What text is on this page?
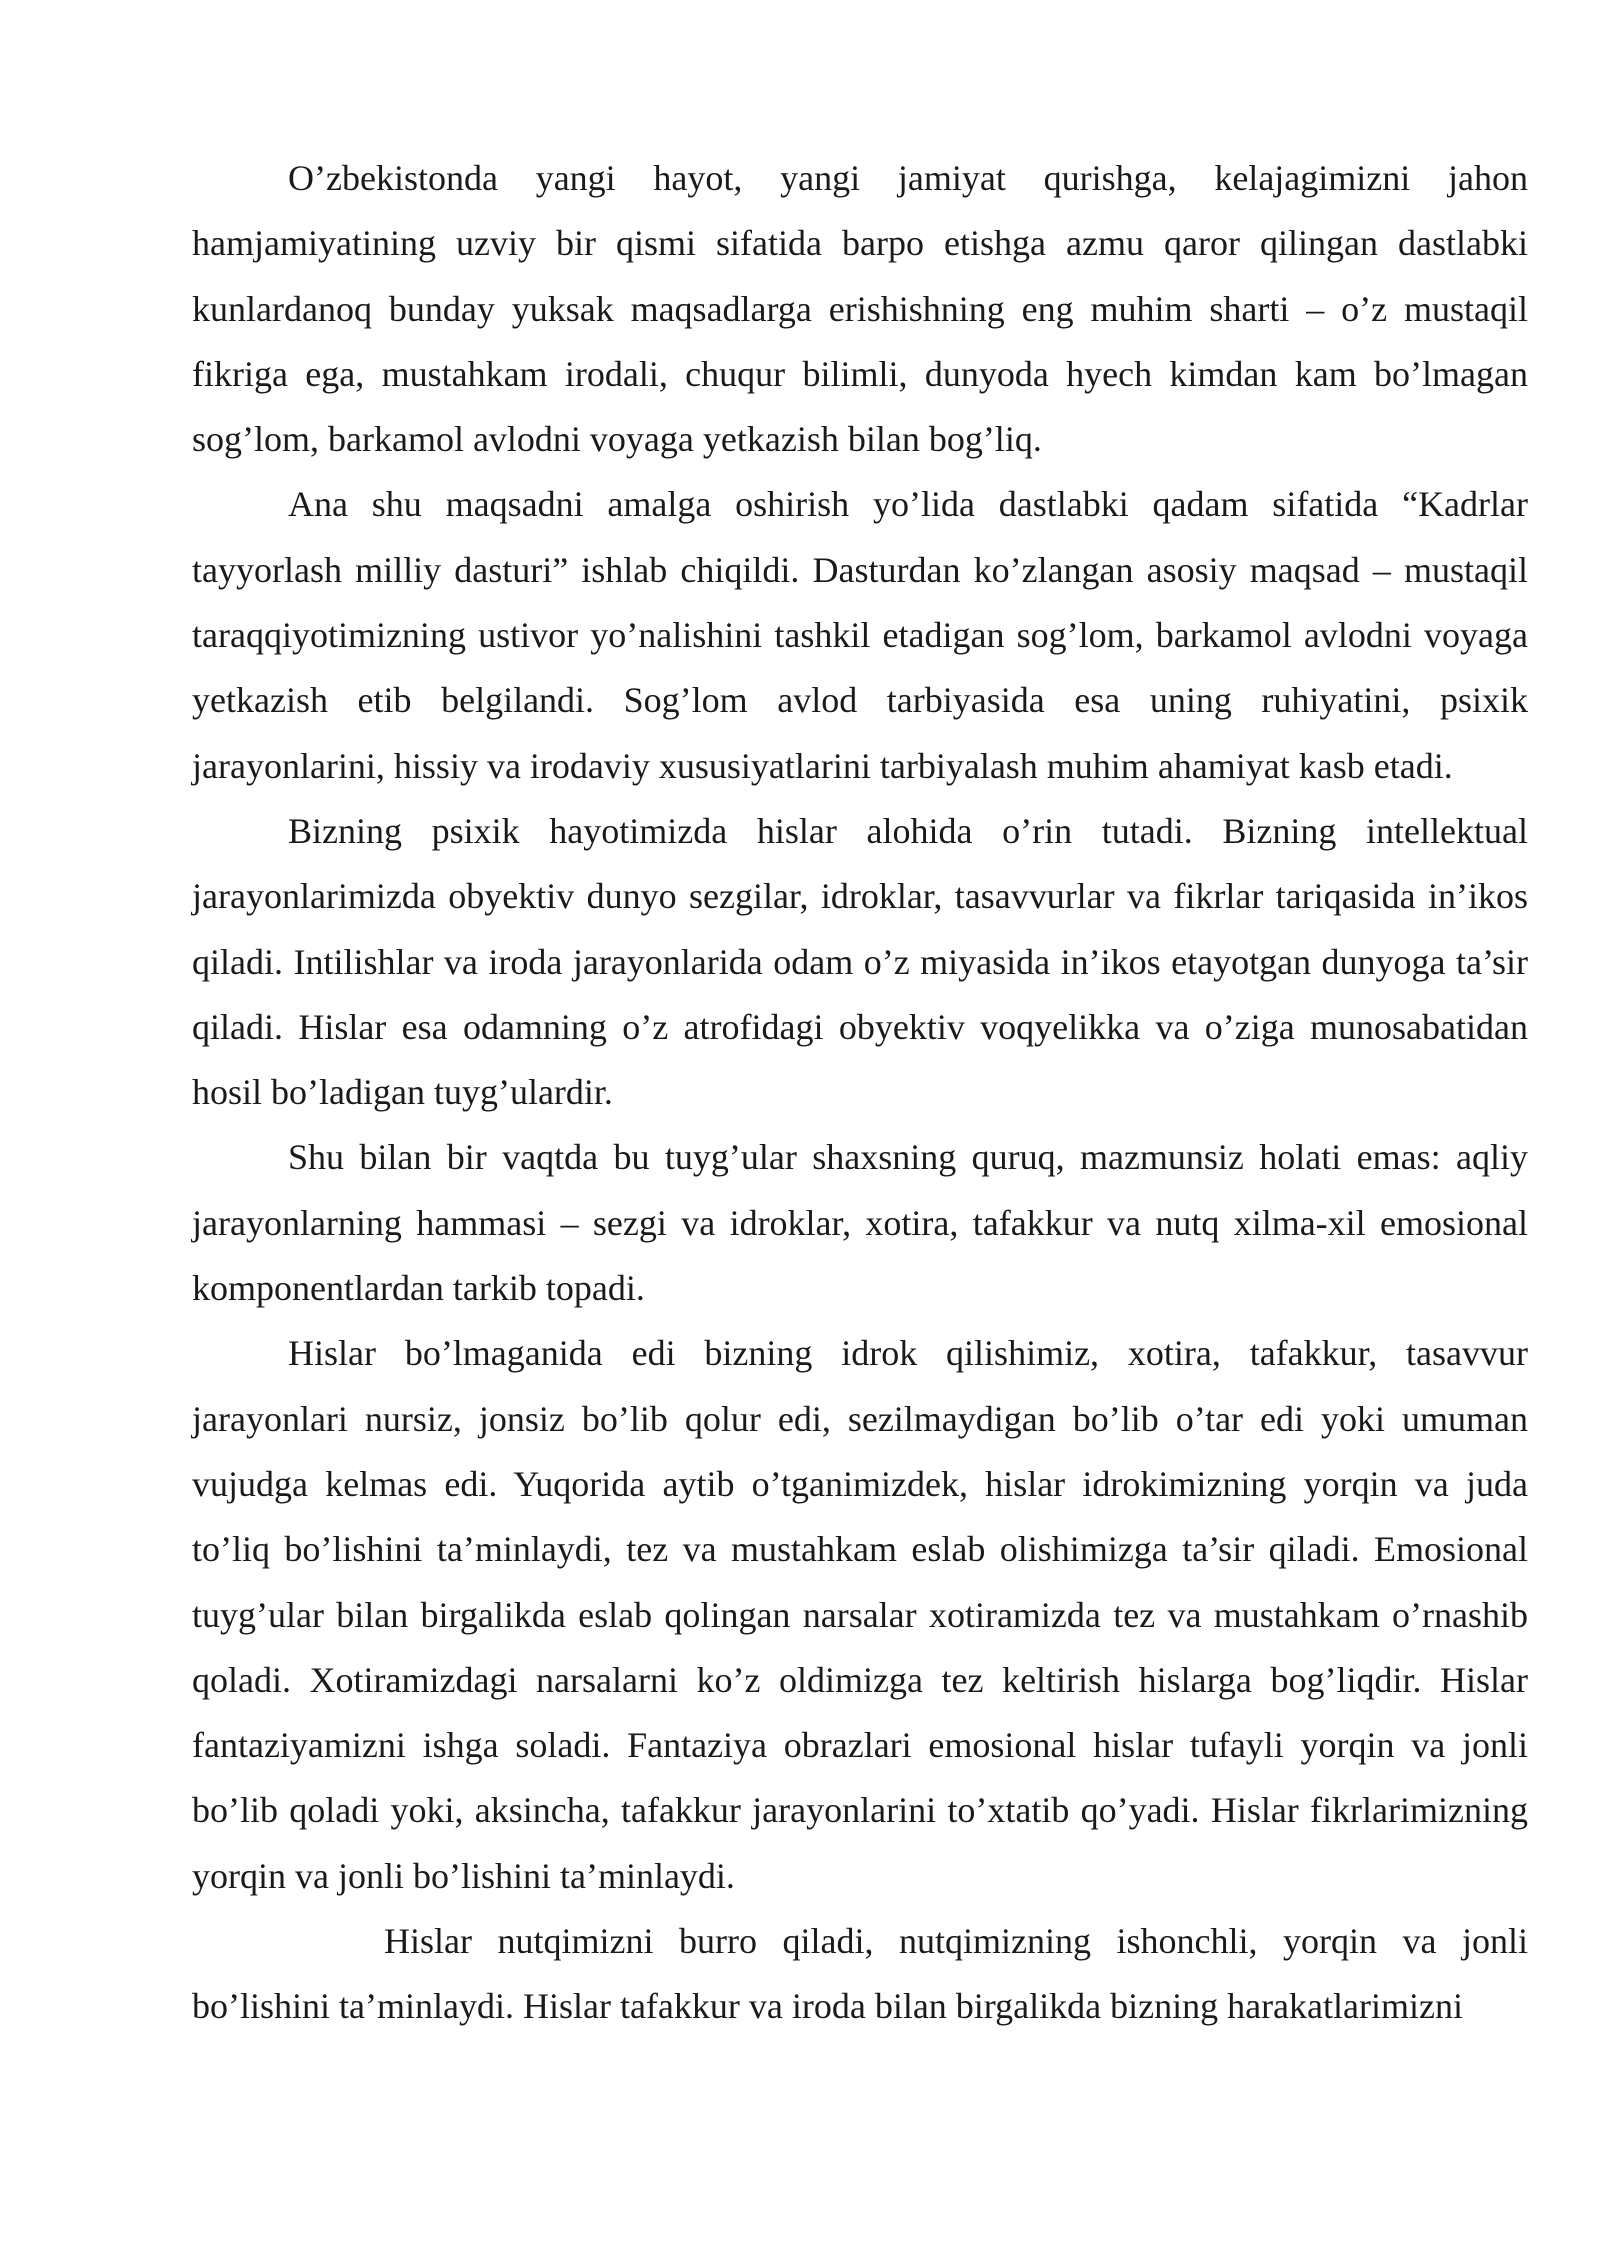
O’zbekistonda yangi hayot, yangi jamiyat qurishga, kelajagimizni jahon hamjamiyatining uzviy bir qismi sifatida barpo etishga azmu qaror qilingan dastlabki kunlardanoq bunday yuksak maqsadlarga erishishning eng muhim sharti – o’z mustaqil fikriga ega, mustahkam irodali, chuqur bilimli, dunyoda hyech kimdan kam bo’lmagan sog’lom, barkamol avlodni voyaga yetkazish bilan bog’liq.

Ana shu maqsadni amalga oshirish yo’lida dastlabki qadam sifatida “Kadrlar tayyorlash milliy dasturi” ishlab chiqildi. Dasturdan ko’zlangan asosiy maqsad – mustaqil taraqqiyotimizning ustivor yo’nalishini tashkil etadigan sog’lom, barkamol avlodni voyaga yetkazish etib belgilandi. Sog’lom avlod tarbiyasida esa uning ruhiyatini, psixik jarayonlarini, hissiy va irodaviy xususiyatlarini tarbiyalash muhim ahamiyat kasb etadi.

Bizning psixik hayotimizda hislar alohida o’rin tutadi. Bizning intellektual jarayonlarimizda obyektiv dunyo sezgilar, idroklar, tasavvurlar va fikrlar tariqasida in’ikos qiladi. Intilishlar va iroda jarayonlarida odam o’z miyasida in’ikos etayotgan dunyoga ta’sir qiladi. Hislar esa odamning o’z atrofidagi obyektiv voqyelikka va o’ziga munosabatidan hosil bo’ladigan tuyg’ulardir.

Shu bilan bir vaqtda bu tuyg’ular shaxsning quruq, mazmunsiz holati emas: aqliy jarayonlarning hammasi – sezgi va idroklar, xotira, tafakkur va nutq xilma-xil emosional komponentlardan tarkib topadi.

Hislar bo’lmaganida edi bizning idrok qilishimiz, xotira, tafakkur, tasavvur jarayonlari nursiz, jonsiz bo’lib qolur edi, sezilmaydigan bo’lib o’tar edi yoki umuman vujudga kelmas edi. Yuqorida aytib o’tganimizdek, hislar idrokimizning yorqin va juda to’liq bo’lishini ta’minlaydi, tez va mustahkam eslab olishimizga ta’sir qiladi. Emosional tuyg’ular bilan birgalikda eslab qolingan narsalar xotiramizda tez va mustahkam o’rnashib qoladi. Xotiramizdagi narsalarni ko’z oldimizga tez keltirish hislarga bog’liqdir. Hislar fantaziyamizni ishga soladi. Fantaziya obrazlari emosional hislar tufayli yorqin va jonli bo’lib qoladi yoki, aksincha, tafakkur jarayonlarini to’xtatib qo’yadi. Hislar fikrlarimizning yorqin va jonli bo’lishini ta’minlaydi.

Hislar nutqimizni burro qiladi, nutqimizning ishonchli, yorqin va jonli bo’lishini ta’minlaydi. Hislar tafakkur va iroda bilan birgalikda bizning harakatlarimizni
